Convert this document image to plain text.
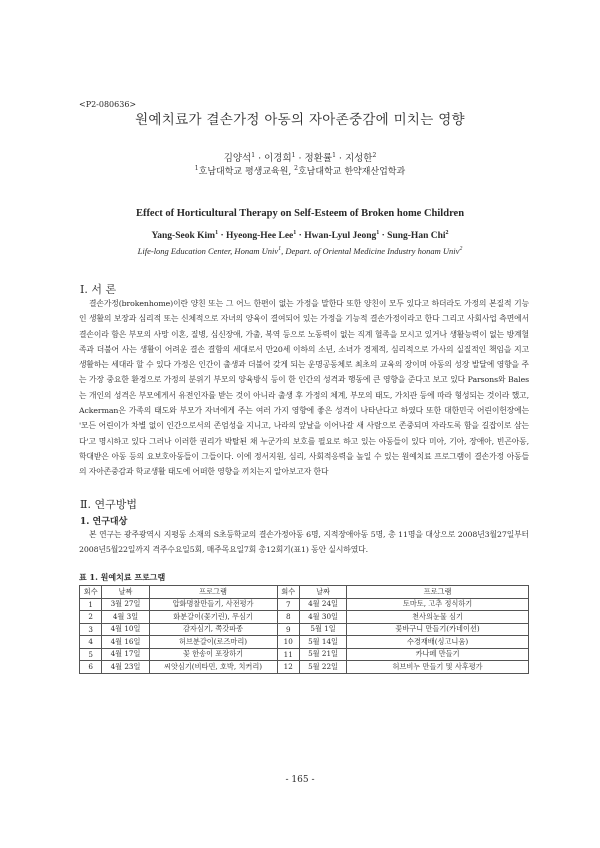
<P2-080636>
원예치료가 결손가정 아동의 자아존중감에 미치는 영향
김양석$^1$ · 이경희$^1$ · 정환률$^1$ · 지성한$^2$
$^1$호남대학교 평생교육원, $^2$호남대학교 한약재산업학과
Effect of Horticultural Therapy on Self-Esteem of Broken home Children
Yang-Seok Kim$^1$ · Hyeong-Hee Lee$^1$ · Hwan-Lyul Jeong$^1$ · Sung-Han Chi$^2$
Life-long Education Center, Honam Univ$^1$, Depart. of Oriental Medicine Industry honam Univ$^2$
Ⅰ. 서 론
결손가정(brokenhome)이란 양친 또는 그 어느 한편이 없는 가정을 말한다 또한 양친이 모두 있다고 하더라도 가정의 본질적 기능인 생활의 보장과 심리적 또는 신체적으로 자녀의 양육이 결여되어 있는 가정을 기능적 결손가정이라고 한다 그리고 사회사업 측면에서 결손이라 함은 부모의 사망 이혼, 질병, 심신장애, 가출, 복역 등으로 노동력이 없는 직계 혈족을 모시고 있거나 생활능력이 없는 방계혈족과 더불어 사는 생활이 어려운 결손 결함의 세대로서 만20세 이하의 소년, 소녀가 경제적, 심리적으로 가사의 실질적인 책임을 지고 생활하는 세대라 할 수 있다 가정은 인간이 출생과 더불어 갖게 되는 운명공동체로 최초의 교육의 장이며 아동의 성장 발달에 영향을 주는 가장 중요한 환경으로 가정의 분위기 부모의 양육방식 등이 한 인간의 성격과 행동에 큰 영향을 준다고 보고 있다 Parsons와 Bales는 개인의 성격은 부모에게서 유전인자를 받는 것이 아니라 출생 후 가정의 체계, 부모의 태도, 가치관 등에 따라 형성되는 것이라 했고, Ackerman은 가족의 태도와 부모가 자녀에게 주는 여러 가지 영향에 좋은 성격이 나타난다고 하였다 또한 대한민국 어린이헌장에는 '모든 어린이가 차별 없이 인간으로서의 존엄성을 지니고, 나라의 앞날을 이어나갈 새 사람으로 존중되며 자라도록 함을 길잡이로 삼는다'고 명시하고 있다 그러나 이러한 권리가 박탈된 채 누군가의 보호를 필요로 하고 있는 아동들이 있다 미아, 기아, 장애아, 빈곤아동, 학대받은 아동 등의 요보호아동들이 그들이다. 이에 정서지원, 심리, 사회적응력을 높일 수 있는 원예치료 프로그램이 결손가정 아동들의 자아존중감과 학교생활 태도에 어떠한 영향을 끼치는지 알아보고자 한다
Ⅱ. 연구방법
1. 연구대상
본 연구는 광주광역시 지평동 소재의 S초등학교의 결손가정아동 6명, 지적장애아동 5명, 총 11명을 대상으로 2008년3월27일부터 2008년5월22일까지 격주수요일5회, 매주목요일7회 총12회기(표1) 동안 실시하였다.
표 1. 원예치료 프로그램
회수	날짜	프로그램	회수	날짜	프로그램
1	3월 27일	압화명찰만들기, 사전평가	7	4월 24일	토마토, 고추 정식하기
2	4월 3일	화분갈이(꽃기린), 무심기	8	4월 30일	천사의눈물 심기
3	4월 10일	감자심기, 쪽갓파종	9	5월 1일	꽃바구니 만들기(카네이션)
4	4월 16일	허브분갈이(로즈마리)	10	5월 14일	수경재배(싱고니움)
5	4월 17일	꽃 한송이 포장하기	11	5월 21일	카나페 만들기
6	4월 23일	씨앗심기(비타민, 호박, 치커리)	12	5월 22일	허브비누 만들기 및 사후평가
- 165 -
